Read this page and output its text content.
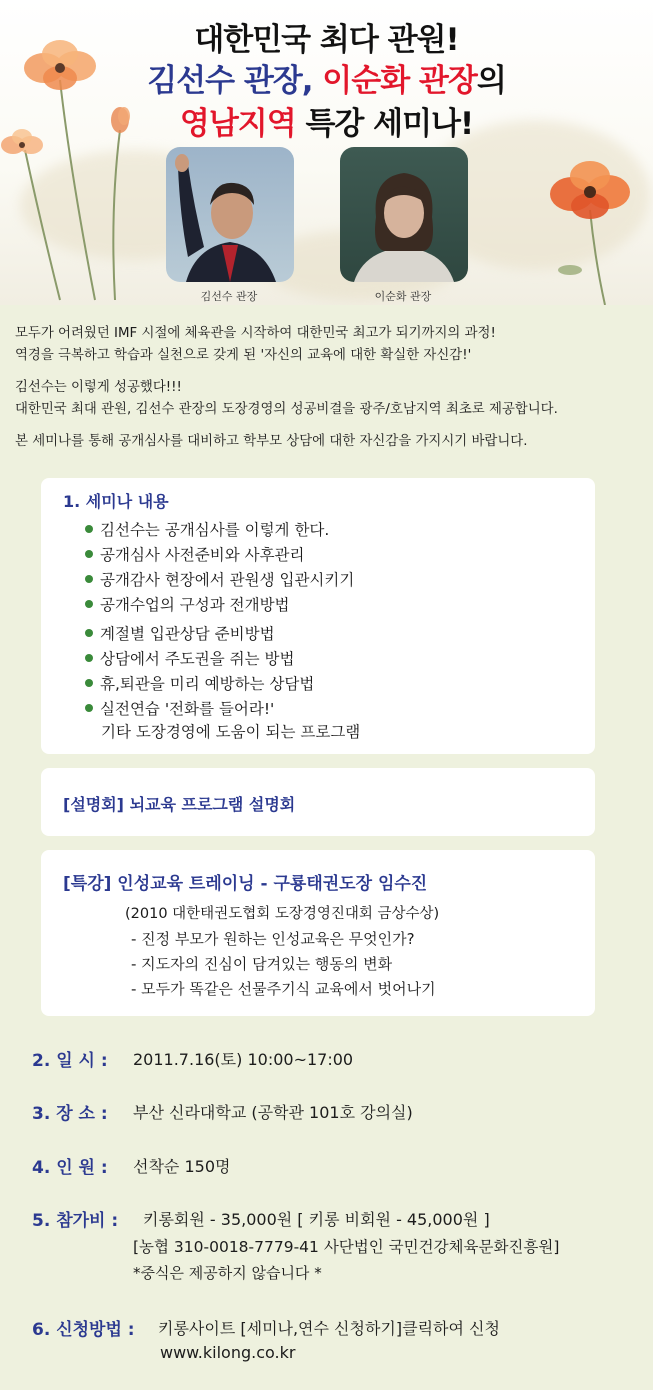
대한민국 최다 관원!
김선수 관장, 이순화 관장의
영남지역 특강 세미나!
김선수 관장	이순화 관장
모두가 어려웠던 IMF 시절에 체육관을 시작하여 대한민국 최고가 되기까지의 과정!
역경을 극복하고 학습과 실천으로 갖게 된 '자신의 교육에 대한 확실한 자신감!'
김선수는 이렇게 성공했다!!!
대한민국 최대 관원, 김선수 관장의 도장경영의 성공비결을 광주/호남지역 최초로 제공합니다.
본 세미나를 통해 공개심사를 대비하고 학부모 상담에 대한 자신감을 가지시기 바랍니다.
1. 세미나 내용
김선수는 공개심사를 이렇게 한다.
공개심사 사전준비와 사후관리
공개감사 현장에서 관원생 입관시키기
공개수업의 구성과 전개방법
계절별 입관상담 준비방법
상담에서 주도권을 쥐는 방법
휴,퇴관을 미리 예방하는 상담법
실전연습 '전화를 들어라!'
기타 도장경영에 도움이 되는 프로그램
[설명회] 뇌교육 프로그램 설명회
[특강] 인성교육 트레이닝 - 구룡태권도장 임수진
(2010 대한태권도협회 도장경영진대회 금상수상)
- 진정 부모가 원하는 인성교육은 무엇인가?
- 지도자의 진심이 담겨있는 행동의 변화
- 모두가 똑같은 선물주기식 교육에서 벗어나기
2. 일 시 : 2011.7.16(토) 10:00~17:00
3. 장 소 : 부산 신라대학교 (공학관 101호 강의실)
4. 인 원 : 선착순 150명
5. 참가비 : 키롱회원 - 35,000원 [ 키롱 비회원 - 45,000원 ]
[농협 310-0018-7779-41 사단법인 국민건강체육문화진흥원]
*중식은 제공하지 않습니다 *
6. 신청방법 : 키롱사이트 [세미나,연수 신청하기]클릭하여 신청
www.kilong.co.kr
